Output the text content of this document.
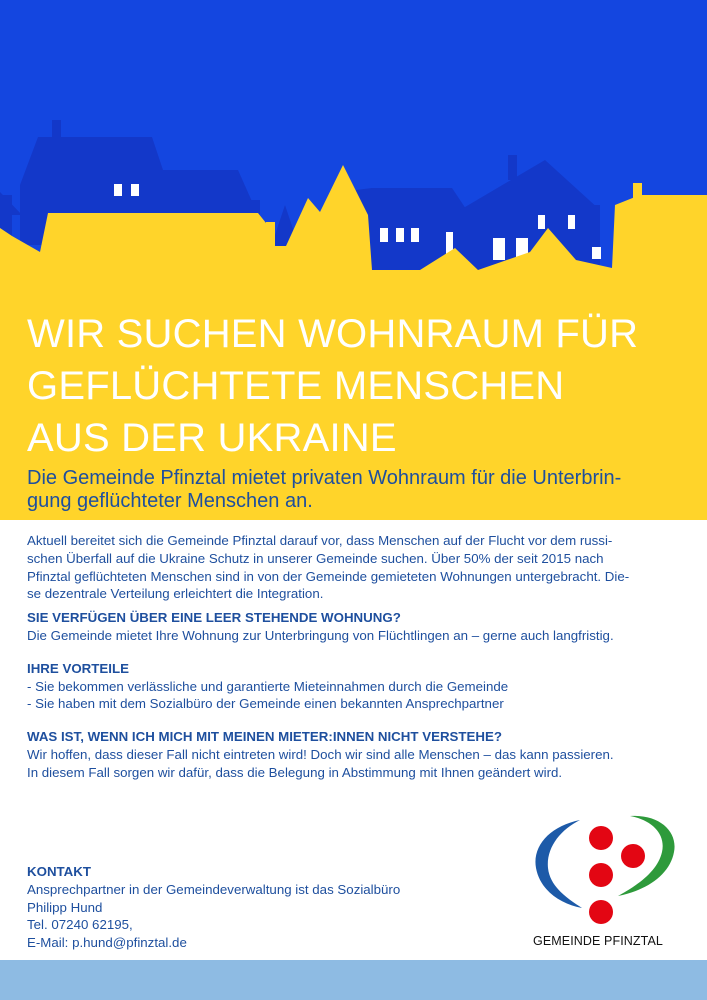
WIR SUCHEN WOHNRAUM FÜR
GEFLÜCHTETE MENSCHEN
AUS DER UKRAINE

Die Gemeinde Pfinztal mietet privaten Wohnraum für die Unterbrin-
gung geflüchteter Menschen an.

Aktuell bereitet sich die Gemeinde Pfinztal darauf vor, dass Menschen auf der Flucht vor dem russi-
schen Überfall auf die Ukraine Schutz in unserer Gemeinde suchen. Über 50% der seit 2015 nach
Pfinztal geflüchteten Menschen sind in von der Gemeinde gemieteten Wohnungen untergebracht. Die-
se dezentrale Verteilung erleichtert die Integration.

SIE VERFÜGEN ÜBER EINE LEER STEHENDE WOHNUNG?

Die Gemeinde mietet Ihre Wohnung zur Unterbringung von Flüchtlingen an – gerne auch langfristig.

IHRE VORTEILE

- Sie bekommen verlässliche und garantierte Mieteinnahmen durch die Gemeinde

- Sie haben mit dem Sozialbüro der Gemeinde einen bekannten Ansprechpartner

WAS IST, WENN ICH MICH MIT MEINEN MIETER:INNEN NICHT VERSTEHE?

Wir hoffen, dass dieser Fall nicht eintreten wird! Doch wir sind alle Menschen – das kann passieren.

In diesem Fall sorgen wir dafür, dass die Belegung in Abstimmung mit Ihnen geändert wird.

KONTAKT

Ansprechpartner in der Gemeindeverwaltung ist das Sozialbüro

Philipp Hund

Tel. 07240 62195,

E-Mail: p.hund@pfinztal.de	GEMEINDE PFINZTAL
